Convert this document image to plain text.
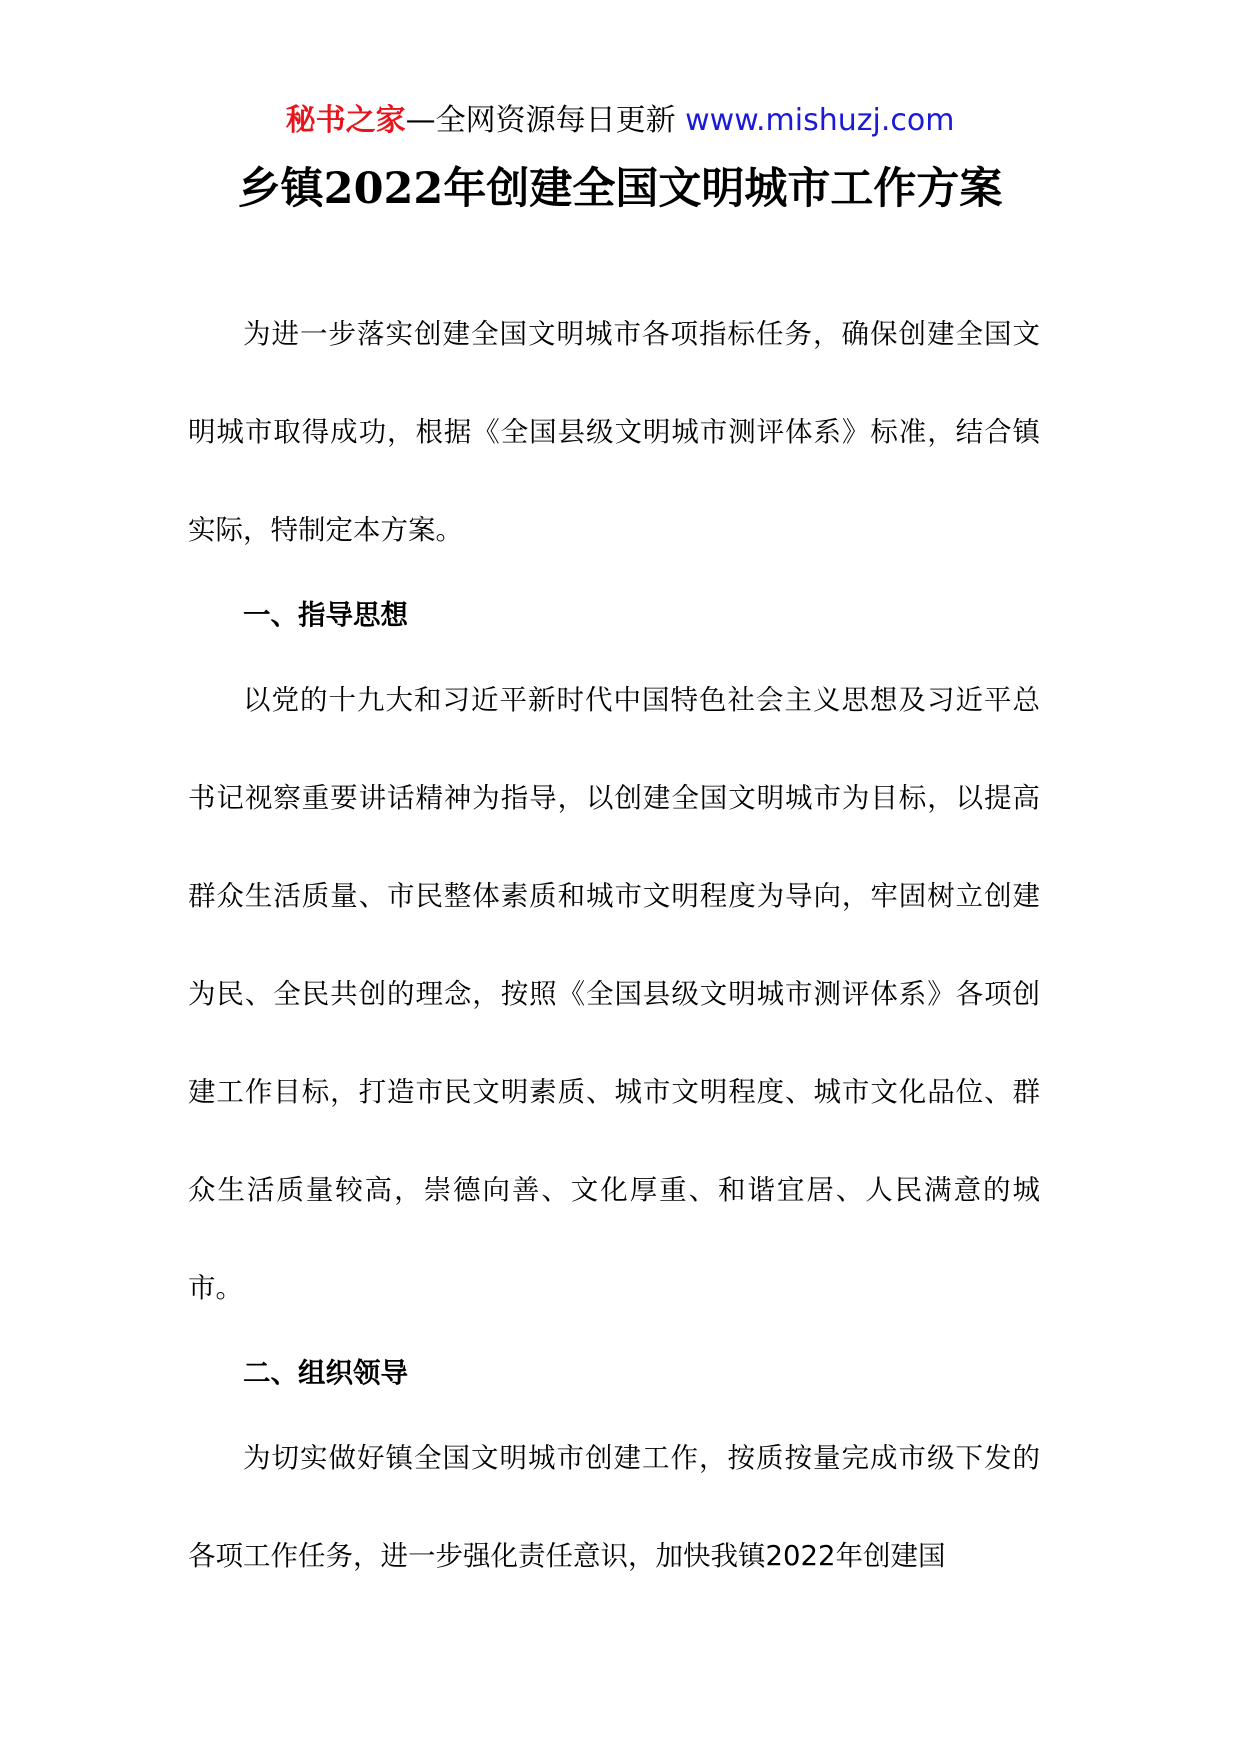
秘书之家—全网资源每日更新 www.mishuzj.com
乡镇2022年创建全国文明城市工作方案

为进一步落实创建全国文明城市各项指标任务，确保创建全国文明城市取得成功，根据《全国县级文明城市测评体系》标准，结合镇实际，特制定本方案。

一、指导思想

以党的十九大和习近平新时代中国特色社会主义思想及习近平总书记视察重要讲话精神为指导，以创建全国文明城市为目标，以提高群众生活质量、市民整体素质和城市文明程度为导向，牢固树立创建为民、全民共创的理念，按照《全国县级文明城市测评体系》各项创建工作目标，打造市民文明素质、城市文明程度、城市文化品位、群众生活质量较高，崇德向善、文化厚重、和谐宜居、人民满意的城市。

二、组织领导

为切实做好镇全国文明城市创建工作，按质按量完成市级下发的各项工作任务，进一步强化责任意识，加快我镇2022年创建国
